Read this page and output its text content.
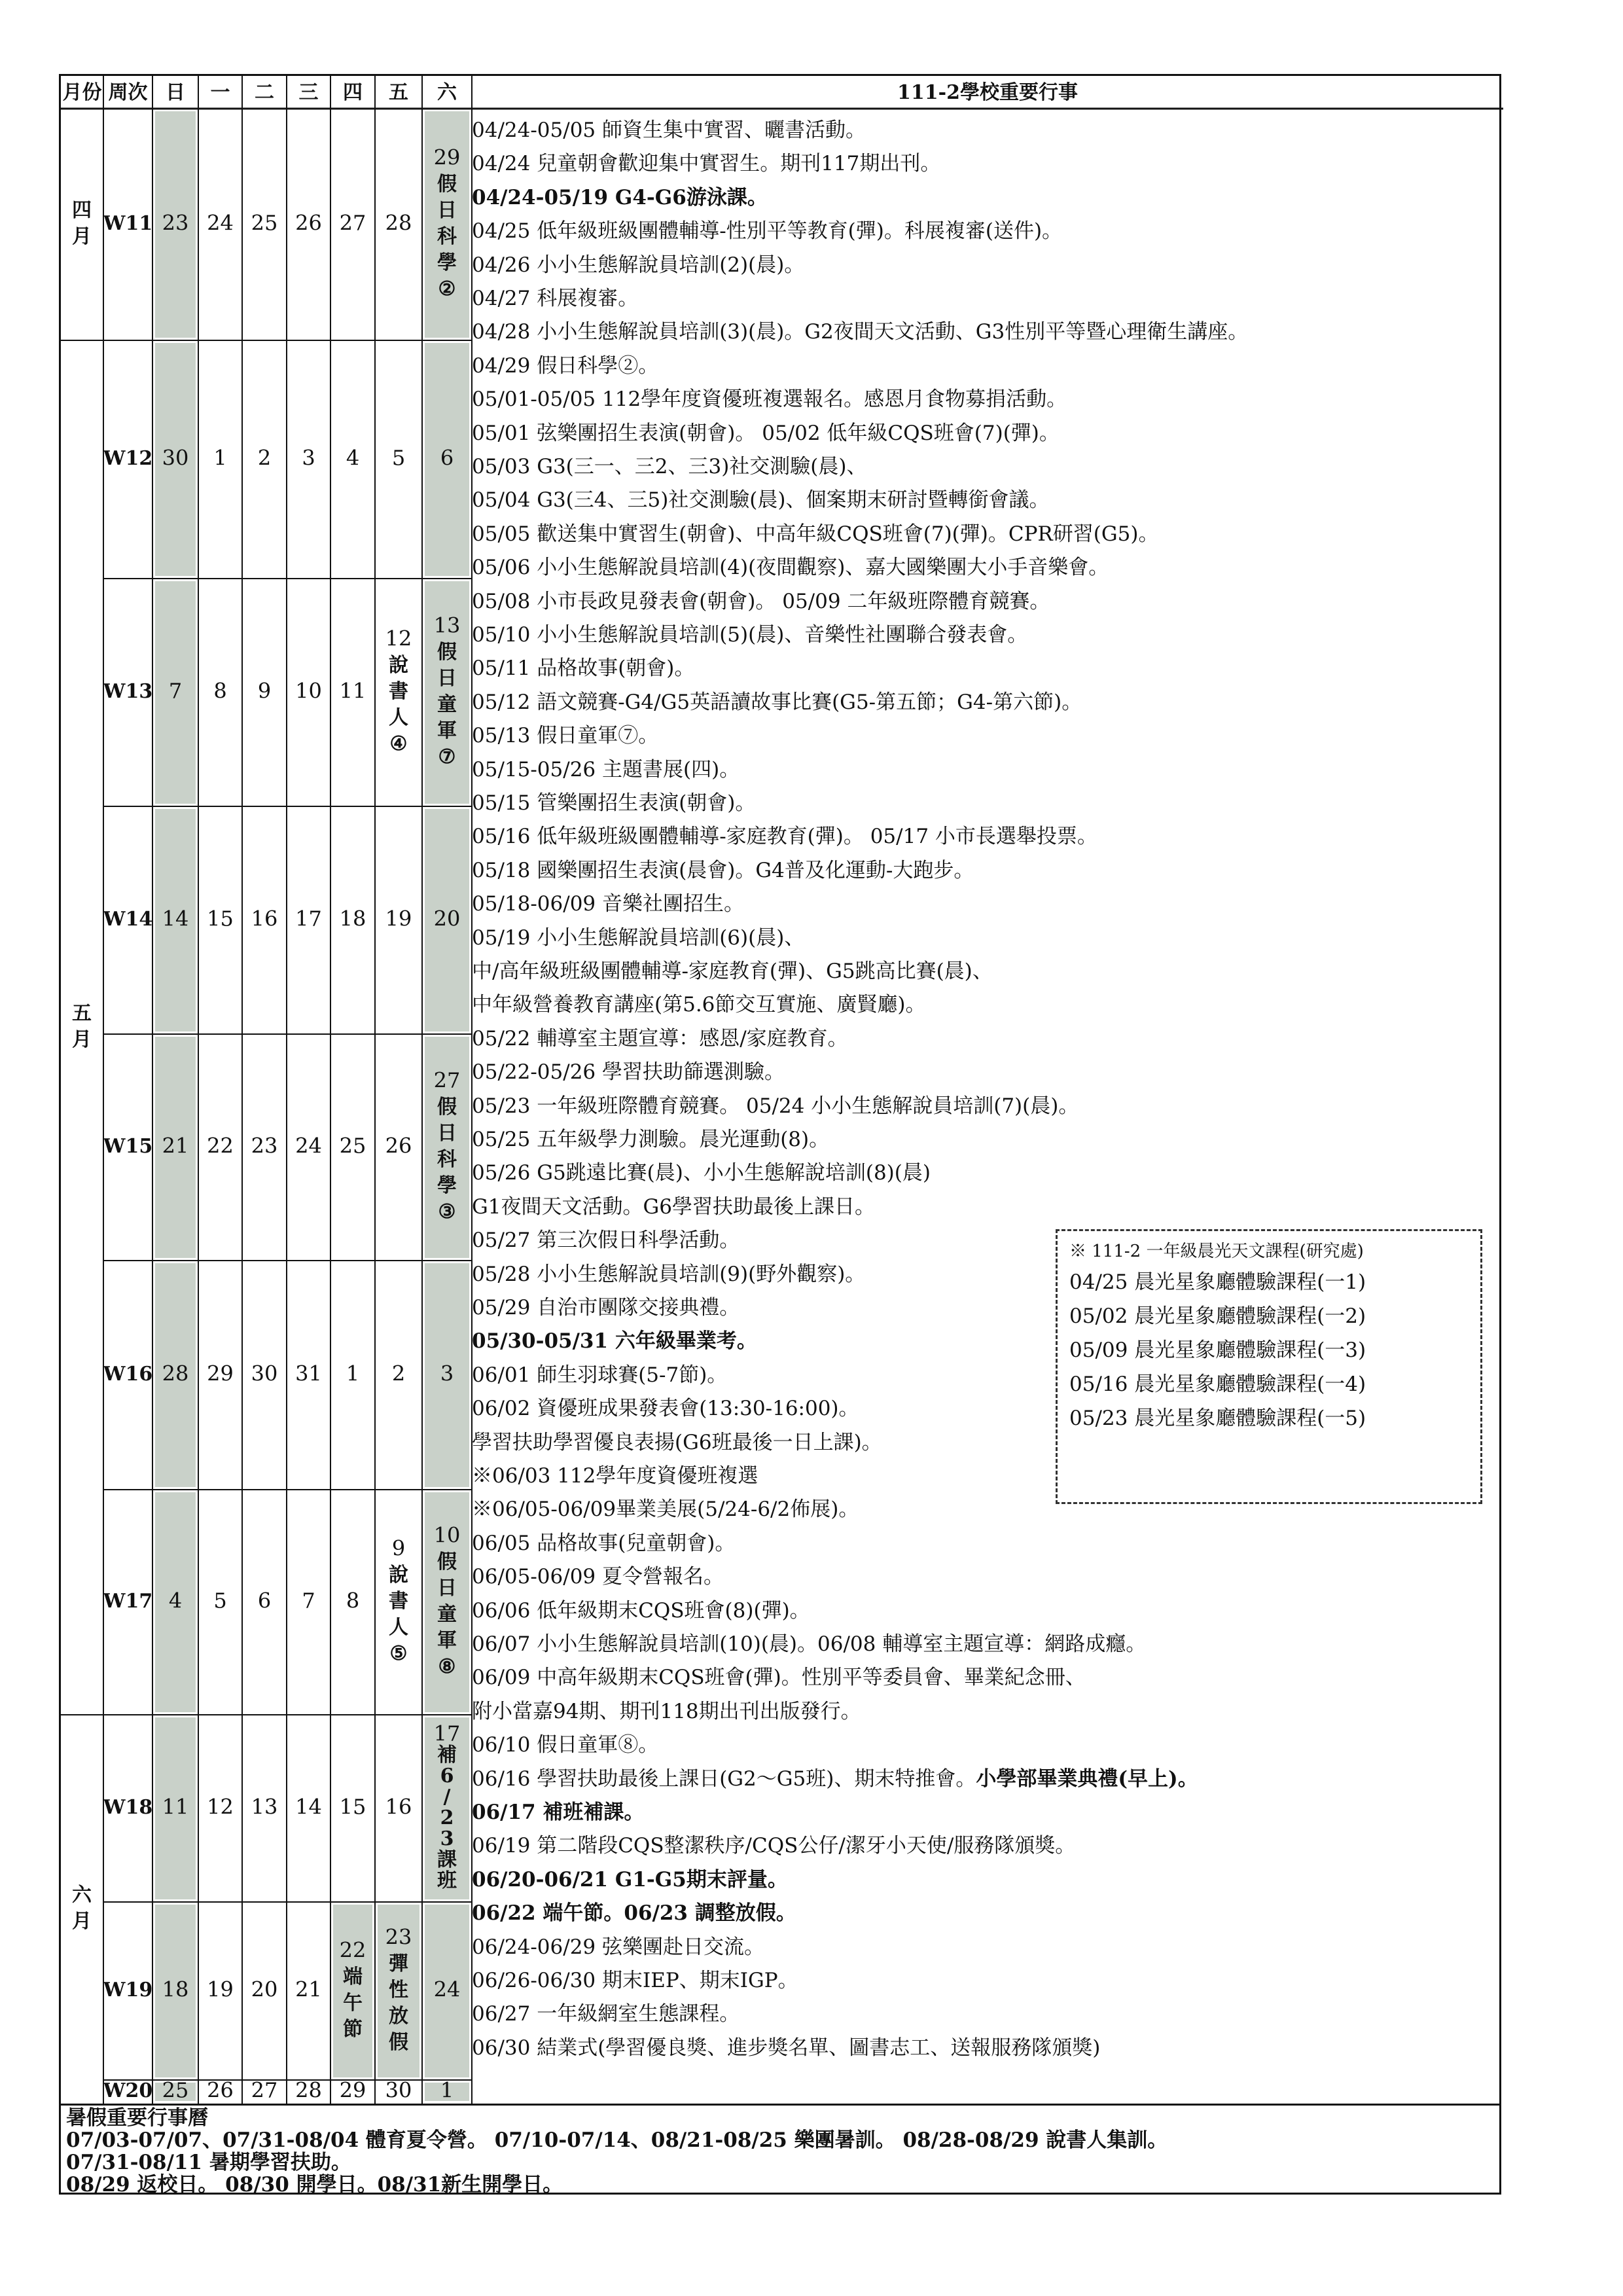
月份 周次 日 一 二 三 四 五 六	111-2學校重要行事
四
月
五
月
六
月
W11 23 24 25 26 27 28
29
假
日
科
學
②
W12 30 1 2 3 4 5 6
W13 7 8 9 10 11
12
說
書
人
④
13
假
日
童
軍
⑦
W14 14 15 16 17 18 19 20
W15 21 22 23 24 25 26
27
假
日
科
學
③
W16 28 29 30 31 1 2 3
W17 4 5 6 7 8
9
說
書
人
⑤
10
假
日
童
軍
⑧
W18 11 12 13 14 15 16
17
補
6
/
2
3
課
班
W19 18 19 20 21
22
端
午
節
23
彈
性
放
假
24
W20 25 26 27 28 29 30 1
04/24-05/05 師資生集中實習、曬書活動。
04/24 兒童朝會歡迎集中實習生。期刊117期出刊。
04/24-05/19 G4-G6游泳課。
04/25 低年級班級團體輔導-性別平等教育(彈)。科展複審(送件)。
04/26 小小生態解說員培訓(2)(晨)。
04/27 科展複審。
04/28 小小生態解說員培訓(3)(晨)。G2夜間天文活動、G3性別平等暨心理衛生講座。
04/29 假日科學②。
05/01-05/05 112學年度資優班複選報名。感恩月食物募捐活動。
05/01 弦樂團招生表演(朝會)。 05/02 低年級CQS班會(7)(彈)。
05/03 G3(三一、三2、三3)社交測驗(晨)、
05/04 G3(三4、三5)社交測驗(晨)、個案期末研討暨轉銜會議。
05/05 歡送集中實習生(朝會)、中高年級CQS班會(7)(彈)。CPR研習(G5)。
05/06 小小生態解說員培訓(4)(夜間觀察)、嘉大國樂團大小手音樂會。
05/08 小市長政見發表會(朝會)。 05/09 二年級班際體育競賽。
05/10 小小生態解說員培訓(5)(晨)、音樂性社團聯合發表會。
05/11 品格故事(朝會)。
05/12 語文競賽-G4/G5英語讀故事比賽(G5-第五節；G4-第六節)。
05/13 假日童軍⑦。
05/15-05/26 主題書展(四)。
05/15 管樂團招生表演(朝會)。
05/16 低年級班級團體輔導-家庭教育(彈)。 05/17 小市長選舉投票。
05/18 國樂團招生表演(晨會)。G4普及化運動-大跑步。
05/18-06/09 音樂社團招生。
05/19 小小生態解說員培訓(6)(晨)、
中/高年級班級團體輔導-家庭教育(彈)、G5跳高比賽(晨)、
中年級營養教育講座(第5.6節交互實施、廣賢廳)。
05/22 輔導室主題宣導：感恩/家庭教育。
05/22-05/26 學習扶助篩選測驗。
05/23 一年級班際體育競賽。 05/24 小小生態解說員培訓(7)(晨)。
05/25 五年級學力測驗。晨光運動(8)。
05/26 G5跳遠比賽(晨)、小小生態解說培訓(8)(晨)
G1夜間天文活動。G6學習扶助最後上課日。
05/27 第三次假日科學活動。
05/28 小小生態解說員培訓(9)(野外觀察)。
05/29 自治市團隊交接典禮。
05/30-05/31 六年級畢業考。
06/01 師生羽球賽(5-7節)。
06/02 資優班成果發表會(13:30-16:00)。
學習扶助學習優良表揚(G6班最後一日上課)。
※06/03 112學年度資優班複選
※06/05-06/09畢業美展(5/24-6/2佈展)。
06/05 品格故事(兒童朝會)。
06/05-06/09 夏令營報名。
06/06 低年級期末CQS班會(8)(彈)。
06/07 小小生態解說員培訓(10)(晨)。06/08 輔導室主題宣導：網路成癮。
06/09 中高年級期末CQS班會(彈)。性別平等委員會、畢業紀念冊、
附小當嘉94期、期刊118期出刊出版發行。
06/10 假日童軍⑧。
06/16 學習扶助最後上課日(G2～G5班)、期末特推會。小學部畢業典禮(早上)。
06/17 補班補課。
06/19 第二階段CQS整潔秩序/CQS公仔/潔牙小天使/服務隊頒獎。
06/20-06/21 G1-G5期末評量。
06/22 端午節。06/23 調整放假。
06/24-06/29 弦樂團赴日交流。
06/26-06/30 期末IEP、期末IGP。
06/27 一年級網室生態課程。
06/30 結業式(學習優良獎、進步獎名單、圖書志工、送報服務隊頒獎)
※ 111-2 一年級晨光天文課程(研究處)
04/25 晨光星象廳體驗課程(一1)
05/02 晨光星象廳體驗課程(一2)
05/09 晨光星象廳體驗課程(一3)
05/16 晨光星象廳體驗課程(一4)
05/23 晨光星象廳體驗課程(一5)
暑假重要行事曆
07/03-07/07、07/31-08/04 體育夏令營。 07/10-07/14、08/21-08/25 樂團暑訓。 08/28-08/29 說書人集訓。
07/31-08/11 暑期學習扶助。
08/29 返校日。 08/30 開學日。08/31新生開學日。
